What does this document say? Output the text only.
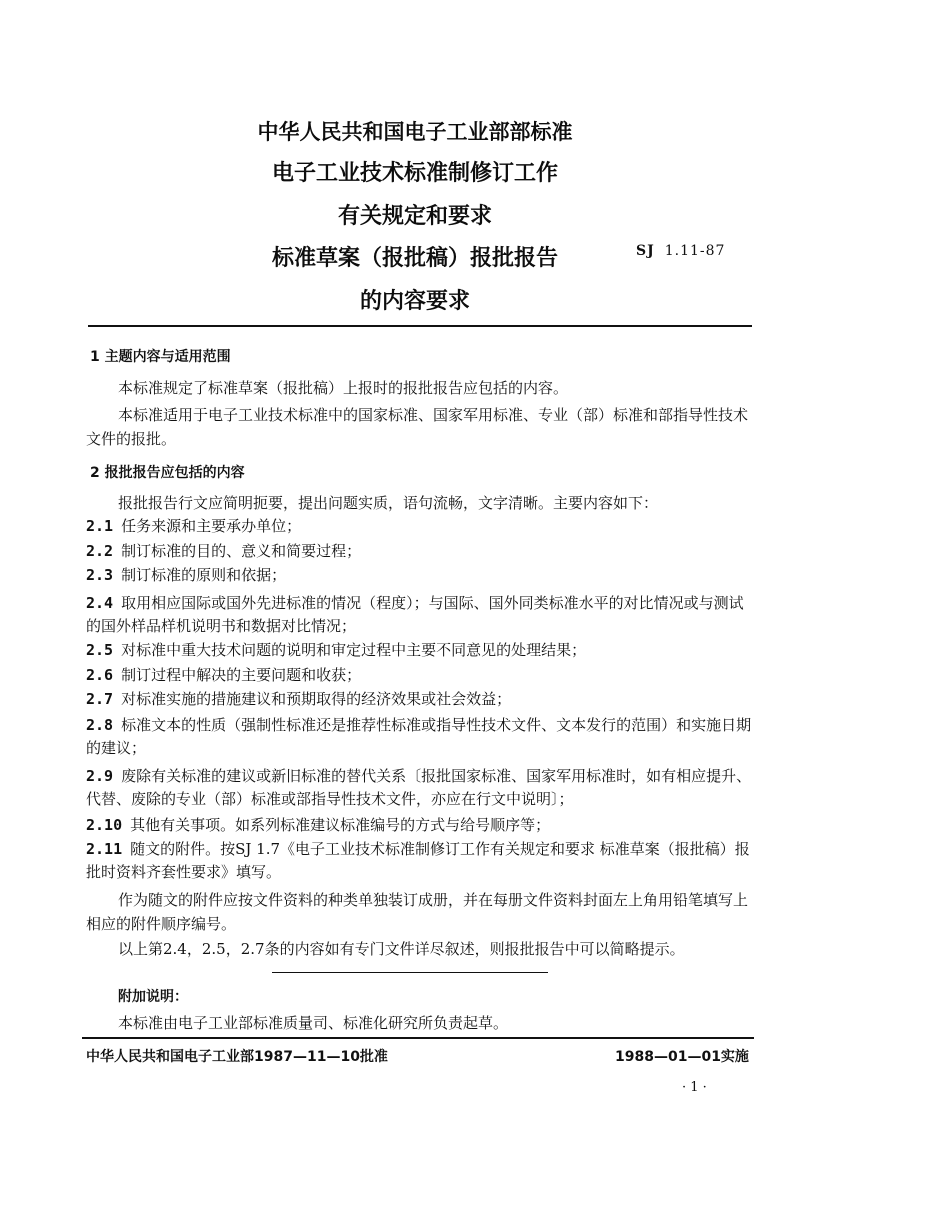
中华人民共和国电子工业部部标准
电子工业技术标准制修订工作
有关规定和要求
标准草案（报批稿）报批报告
的内容要求
SJ 1.11-87
1 主题内容与适用范围
本标准规定了标准草案（报批稿）上报时的报批报告应包括的内容。
本标准适用于电子工业技术标准中的国家标准、国家军用标准、专业（部）标准和部指导性技术文件的报批。
2 报批报告应包括的内容
报批报告行文应简明扼要，提出问题实质，语句流畅，文字清晰。主要内容如下：
2.1 任务来源和主要承办单位；
2.2 制订标准的目的、意义和简要过程；
2.3 制订标准的原则和依据；
2.4 取用相应国际或国外先进标准的情况（程度）；与国际、国外同类标准水平的对比情况或与测试的国外样品样机说明书和数据对比情况；
2.5 对标准中重大技术问题的说明和审定过程中主要不同意见的处理结果；
2.6 制订过程中解决的主要问题和收获；
2.7 对标准实施的措施建议和预期取得的经济效果或社会效益；
2.8 标准文本的性质（强制性标准还是推荐性标准或指导性技术文件、文本发行的范围）和实施日期的建议；
2.9 废除有关标准的建议或新旧标准的替代关系〔报批国家标准、国家军用标准时，如有相应提升、代替、废除的专业（部）标准或部指导性技术文件，亦应在行文中说明〕；
2.10 其他有关事项。如系列标准建议标准编号的方式与给号顺序等；
2.11 随文的附件。按SJ 1.7《电子工业技术标准制修订工作有关规定和要求 标准草案（报批稿）报批时资料齐套性要求》填写。
作为随文的附件应按文件资料的种类单独装订成册，并在每册文件资料封面左上角用铅笔填写上相应的附件顺序编号。
以上第2.4，2.5，2.7条的内容如有专门文件详尽叙述，则报批报告中可以简略提示。
附加说明：
本标准由电子工业部标准质量司、标准化研究所负责起草。
中华人民共和国电子工业部1987—11—10批准	1988—01—01实施
· 1 ·
